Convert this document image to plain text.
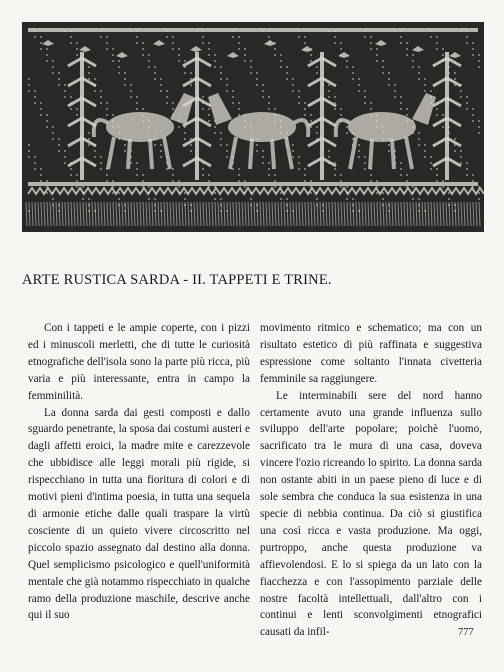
ARTE RUSTICA SARDA - II. TAPPETI E TRINE.

Con i tappeti e le ampie coperte, con i pizzi ed i minuscoli merletti, che di tutte le curiosità etnografiche dell'isola sono la parte più ricca, più varia e più interessante, entra in campo la femminilità.

La donna sarda dai gesti composti e dallo sguardo penetrante, la sposa dai costumi austeri e dagli affetti eroici, la madre mite e carezzevole che ubbidisce alle leggi morali più rigide, si rispecchiano in tutta una fioritura di colori e di motivi pieni d'intima poesia, in tutta una sequela di armonie etiche dalle quali traspare la virtù cosciente di un quieto vivere circoscritto nel piccolo spazio assegnato dal destino alla donna. Quel semplicismo psicologico e quell'uniformità mentale che già notammo rispecchiato in qualche ramo della produzione maschile, descrive anche qui il suo

movimento ritmico e schematico; ma con un risultato estetico di più raffinata e suggestiva espressione come soltanto l'innata civetteria femminile sa raggiungere.

Le interminabili sere del nord hanno certamente avuto una grande influenza sullo sviluppo dell'arte popolare; poichè l'uomo, sacrificato tra le mura di una casa, doveva vincere l'ozio ricreando lo spirito. La donna sarda non ostante abiti in un paese pieno di luce e di sole sembra che conduca la sua esistenza in una specie di nebbia continua. Da ciò si giustifica una così ricca e vasta produzione. Ma oggi, purtroppo, anche questa produzione va affievolendosi. E lo si spiega da un lato con la fiacchezza e con l'assopimento parziale delle nostre facoltà intellettuali, dall'altro con i continui e lenti sconvolgimenti etnografici causati da infil-	777
